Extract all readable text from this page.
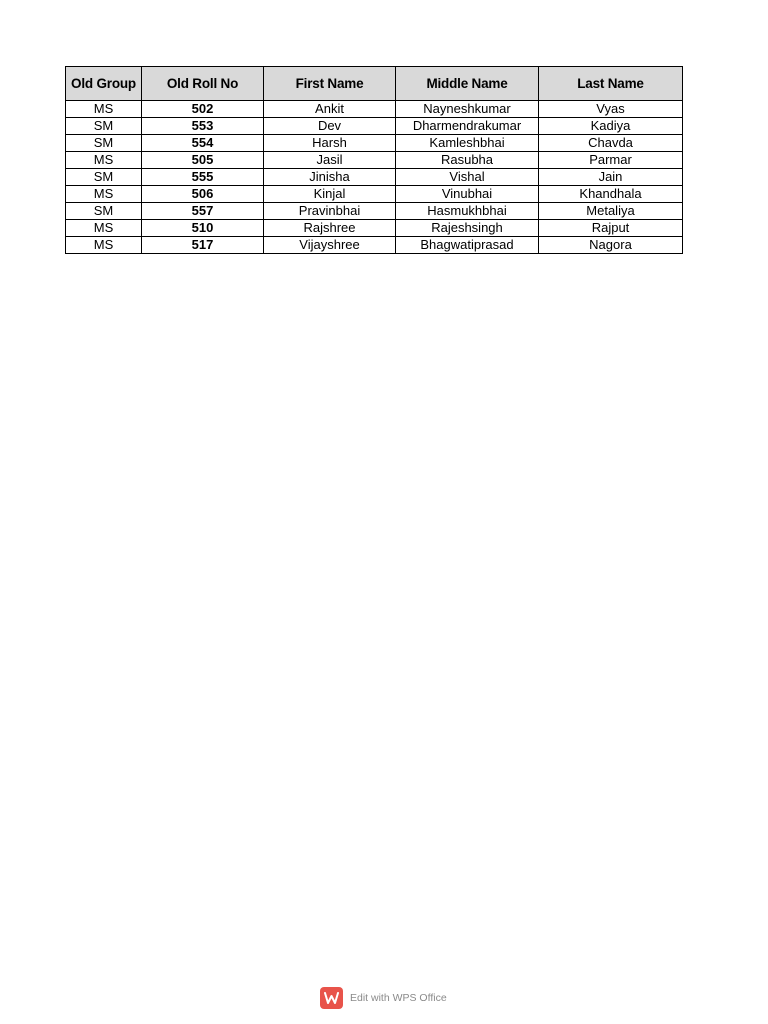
Old Group	Old Roll No	First Name	Middle Name	Last Name
MS	502	Ankit	Nayneshkumar	Vyas
SM	553	Dev	Dharmendrakumar	Kadiya
SM	554	Harsh	Kamleshbhai	Chavda
MS	505	Jasil	Rasubha	Parmar
SM	555	Jinisha	Vishal	Jain
MS	506	Kinjal	Vinubhai	Khandhala
SM	557	Pravinbhai	Hasmukhbhai	Metaliya
MS	510	Rajshree	Rajeshsingh	Rajput
MS	517	Vijayshree	Bhagwatiprasad	Nagora
Edit with WPS Office
